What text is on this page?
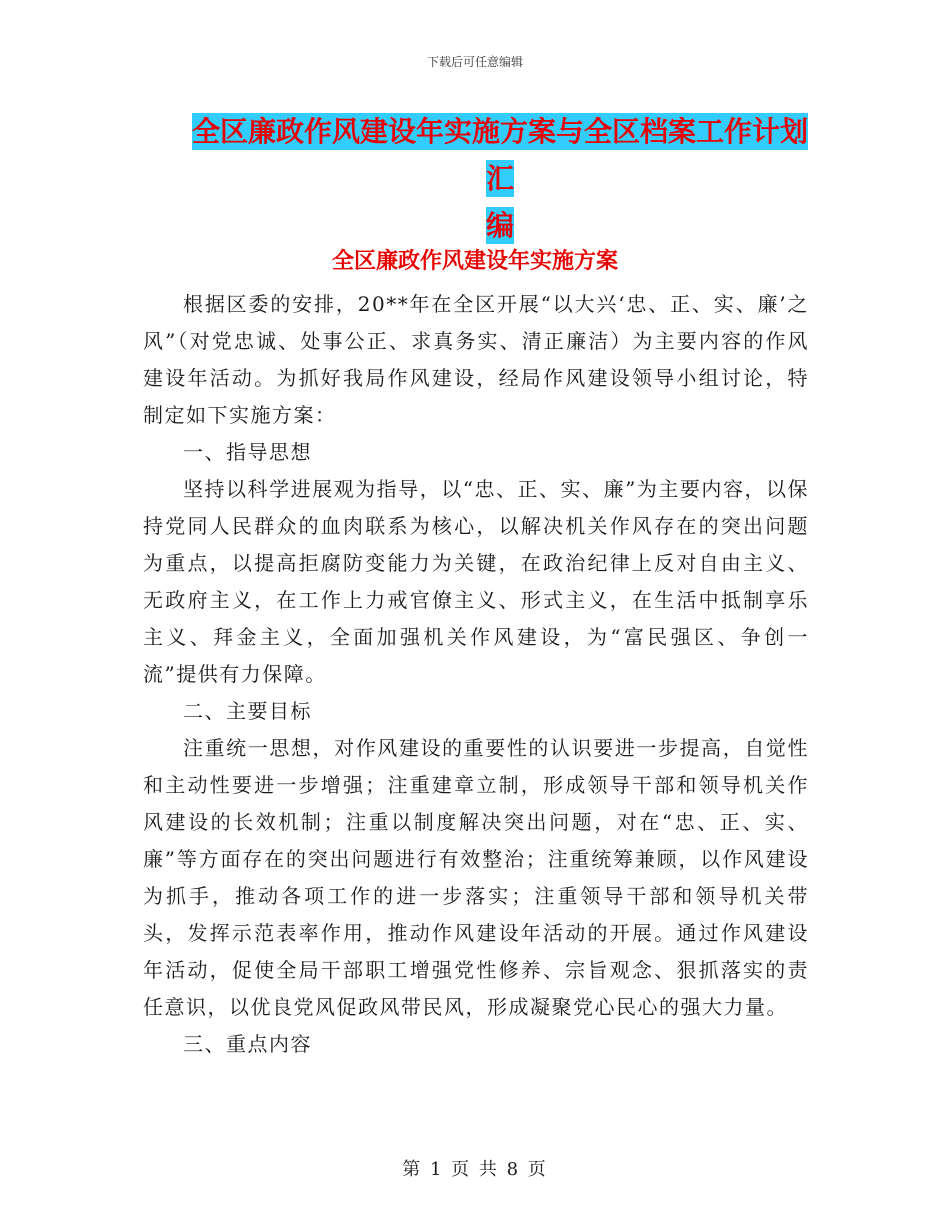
下载后可任意编辑
全区廉政作风建设年实施方案与全区档案工作计划汇
编
全区廉政作风建设年实施方案

根据区委的安排，20**年在全区开展“以大兴‘忠、正、实、廉’之风”（对党忠诚、处事公正、求真务实、清正廉洁）为主要内容的作风建设年活动。为抓好我局作风建设，经局作风建设领导小组讨论，特制定如下实施方案：

一、指导思想

坚持以科学进展观为指导，以“忠、正、实、廉”为主要内容，以保持党同人民群众的血肉联系为核心，以解决机关作风存在的突出问题为重点，以提高拒腐防变能力为关键，在政治纪律上反对自由主义、无政府主义，在工作上力戒官僚主义、形式主义，在生活中抵制享乐主义、拜金主义，全面加强机关作风建设，为“富民强区、争创一流”提供有力保障。

二、主要目标

注重统一思想，对作风建设的重要性的认识要进一步提高，自觉性和主动性要进一步增强；注重建章立制，形成领导干部和领导机关作风建设的长效机制；注重以制度解决突出问题，对在“忠、正、实、廉”等方面存在的突出问题进行有效整治；注重统筹兼顾，以作风建设为抓手，推动各项工作的进一步落实；注重领导干部和领导机关带头，发挥示范表率作用，推动作风建设年活动的开展。通过作风建设年活动，促使全局干部职工增强党性修养、宗旨观念、狠抓落实的责任意识，以优良党风促政风带民风，形成凝聚党心民心的强大力量。

三、重点内容

第 1 页 共 8 页
